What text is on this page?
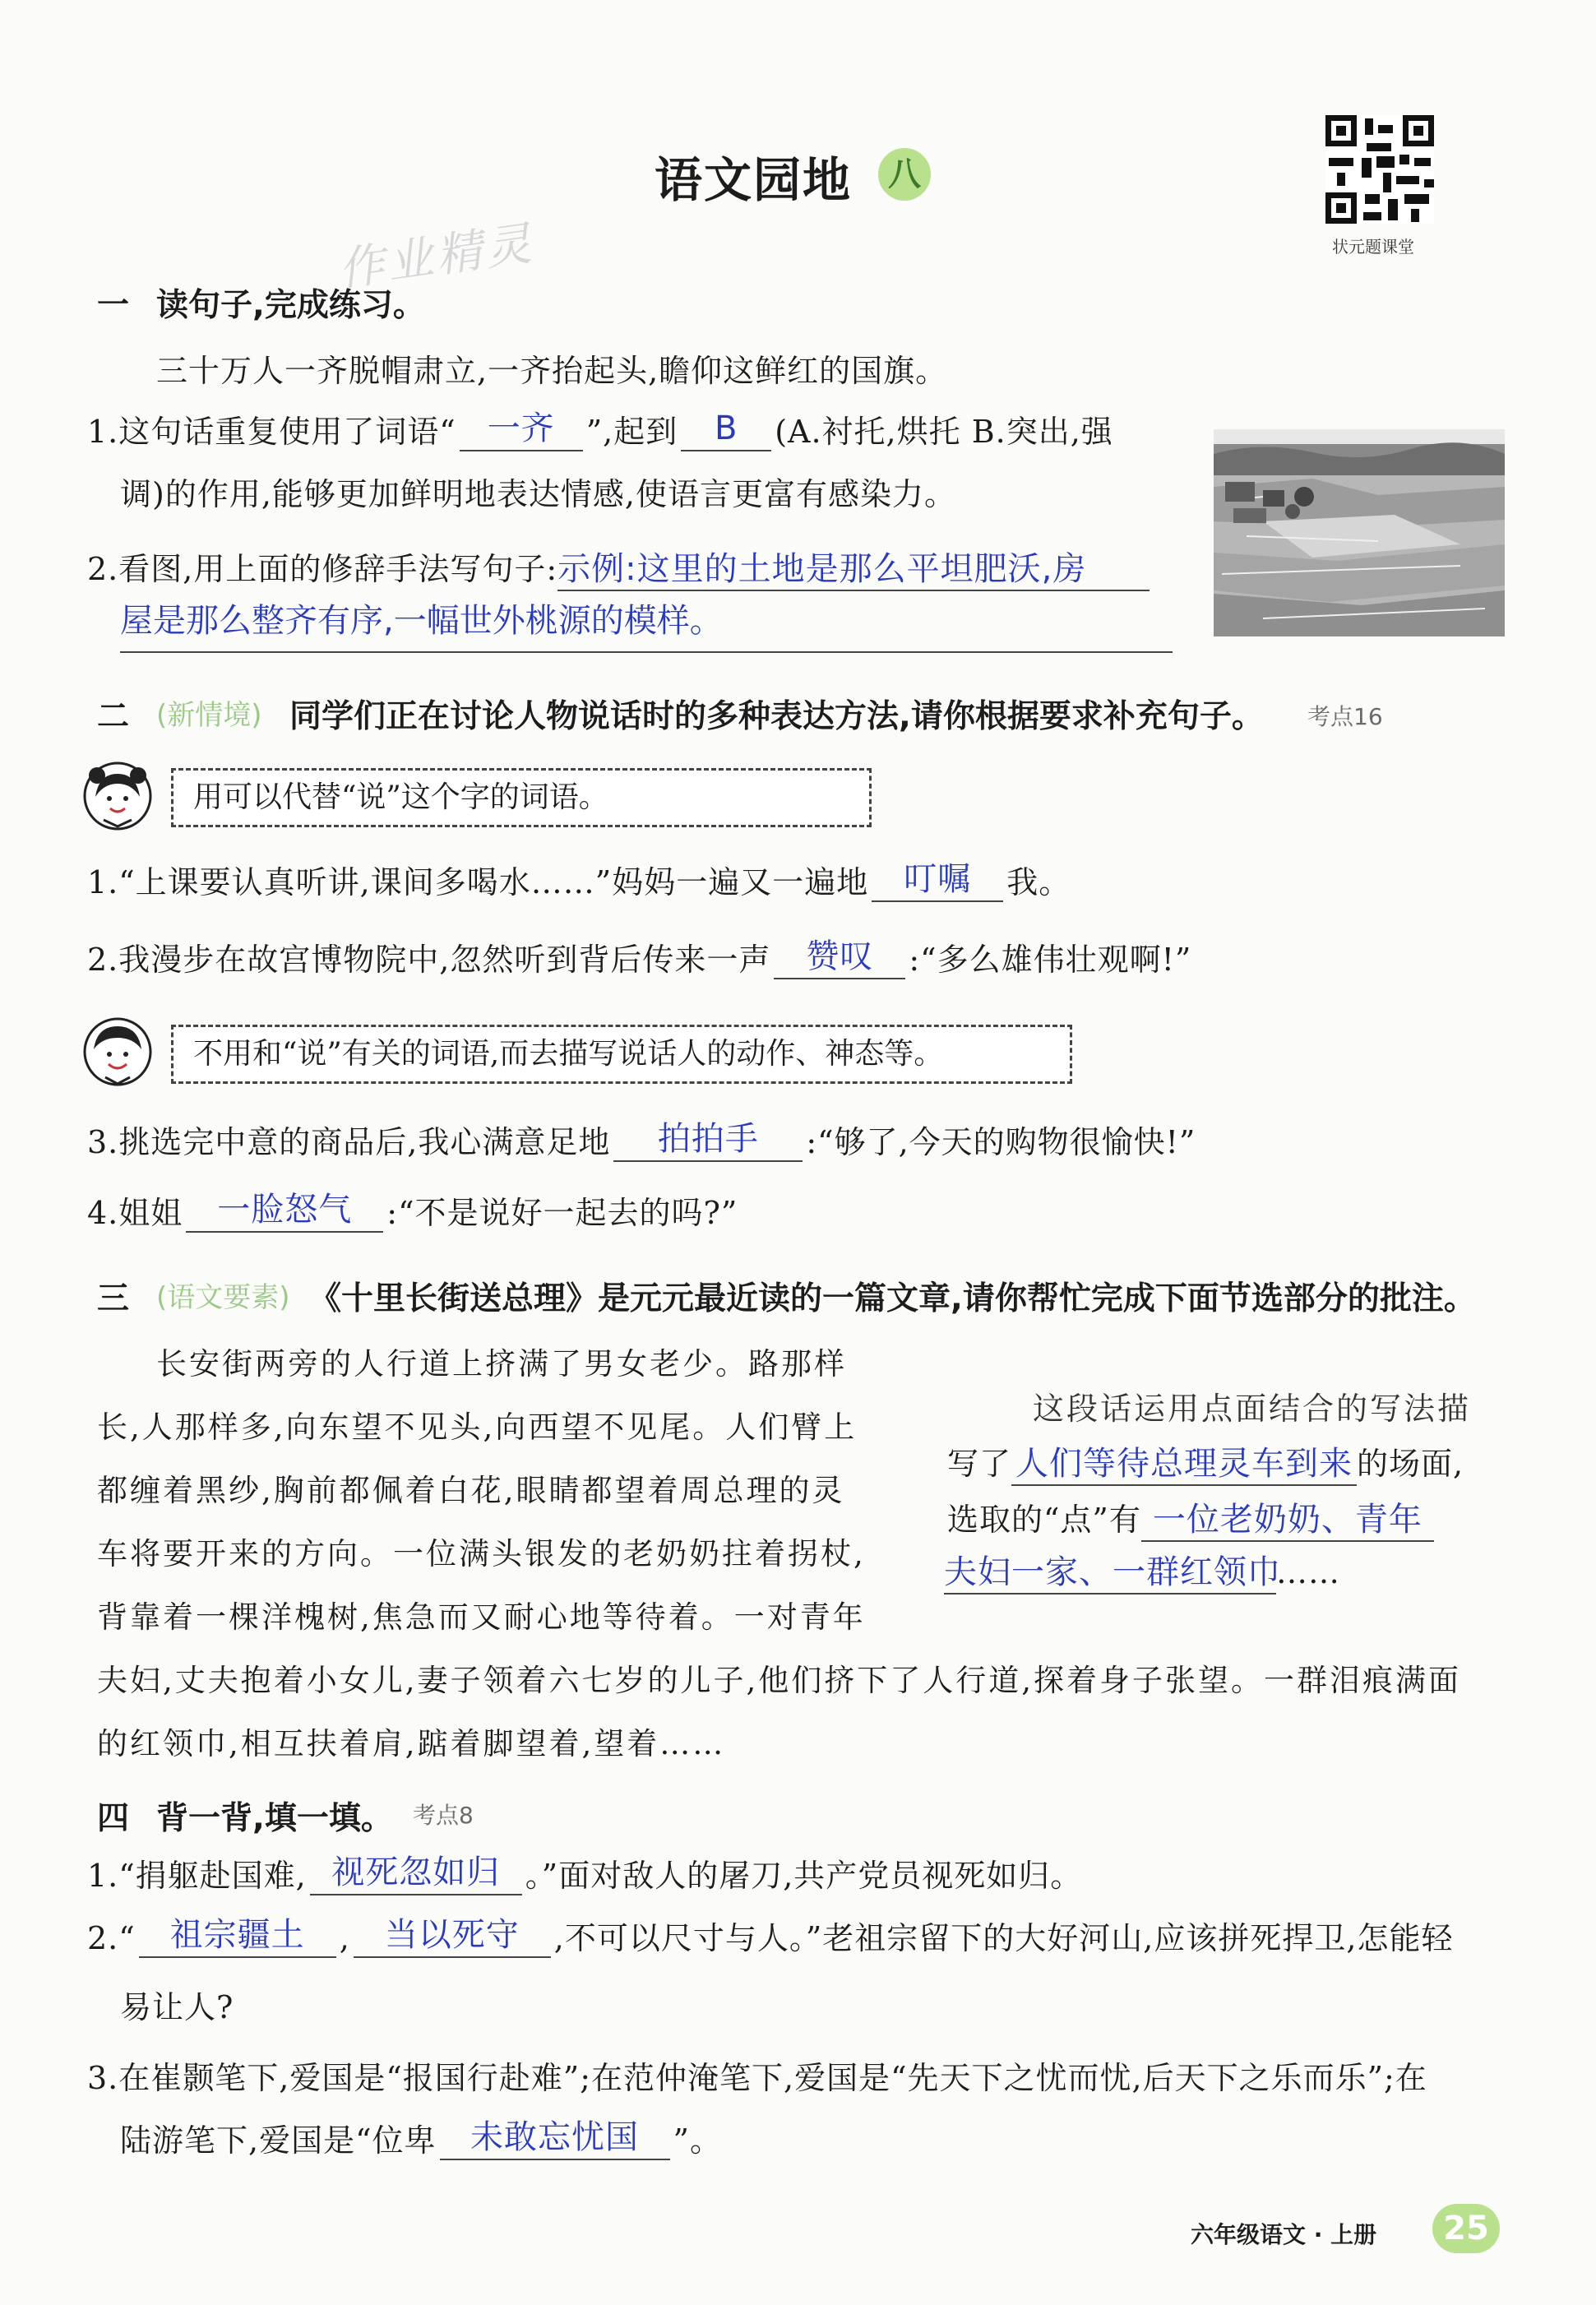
语文园地	八
作业精灵	状元题课堂
一 读句子,完成练习。
三十万人一齐脱帽肃立,一齐抬起头,瞻仰这鲜红的国旗。
1.这句话重复使用了词语“ 一齐 ”,起到 B (A.衬托,烘托 B.突出,强
调)的作用,能够更加鲜明地表达情感,使语言更富有感染力。
2.看图,用上面的修辞手法写句子:示例:这里的土地是那么平坦肥沃,房
屋是那么整齐有序,一幅世外桃源的模样。
二 (新情境) 同学们正在讨论人物说话时的多种表达方法,请你根据要求补充句子。 考点16
用可以代替“说”这个字的词语。
1.“上课要认真听讲,课间多喝水……”妈妈一遍又一遍地 叮嘱 我。
2.我漫步在故宫博物院中,忽然听到背后传来一声 赞叹 :“多么雄伟壮观啊!”
不用和“说”有关的词语,而去描写说话人的动作、神态等。
3.挑选完中意的商品后,我心满意足地 拍拍手 :“够了,今天的购物很愉快!”
4.姐姐 一脸怒气 :“不是说好一起去的吗?”
三 (语文要素) 《十里长街送总理》是元元最近读的一篇文章,请你帮忙完成下面节选部分的批注。
长安街两旁的人行道上挤满了男女老少。路那样
长,人那样多,向东望不见头,向西望不见尾。人们臂上
都缠着黑纱,胸前都佩着白花,眼睛都望着周总理的灵
车将要开来的方向。一位满头银发的老奶奶拄着拐杖,
背靠着一棵洋槐树,焦急而又耐心地等待着。一对青年
夫妇,丈夫抱着小女儿,妻子领着六七岁的儿子,他们挤下了人行道,探着身子张望。一群泪痕满面
的红领巾,相互扶着肩,踮着脚望着,望着……
这段话运用点面结合的写法描
写了 人们等待总理灵车到来 的场面,
选取的“点”有 一位老奶奶、青年
夫妇一家、一群红领巾……
四 背一背,填一填。 考点8
1.“捐躯赴国难, 视死忽如归 。”面对敌人的屠刀,共产党员视死如归。
2.“ 祖宗疆土 , 当以死守 ,不可以尺寸与人。”老祖宗留下的大好河山,应该拼死捍卫,怎能轻
易让人?
3.在崔颢笔下,爱国是“报国行赴难”;在范仲淹笔下,爱国是“先天下之忧而忧,后天下之乐而乐”;在
陆游笔下,爱国是“位卑 未敢忘忧国 ”。
六年级语文 · 上册	25
